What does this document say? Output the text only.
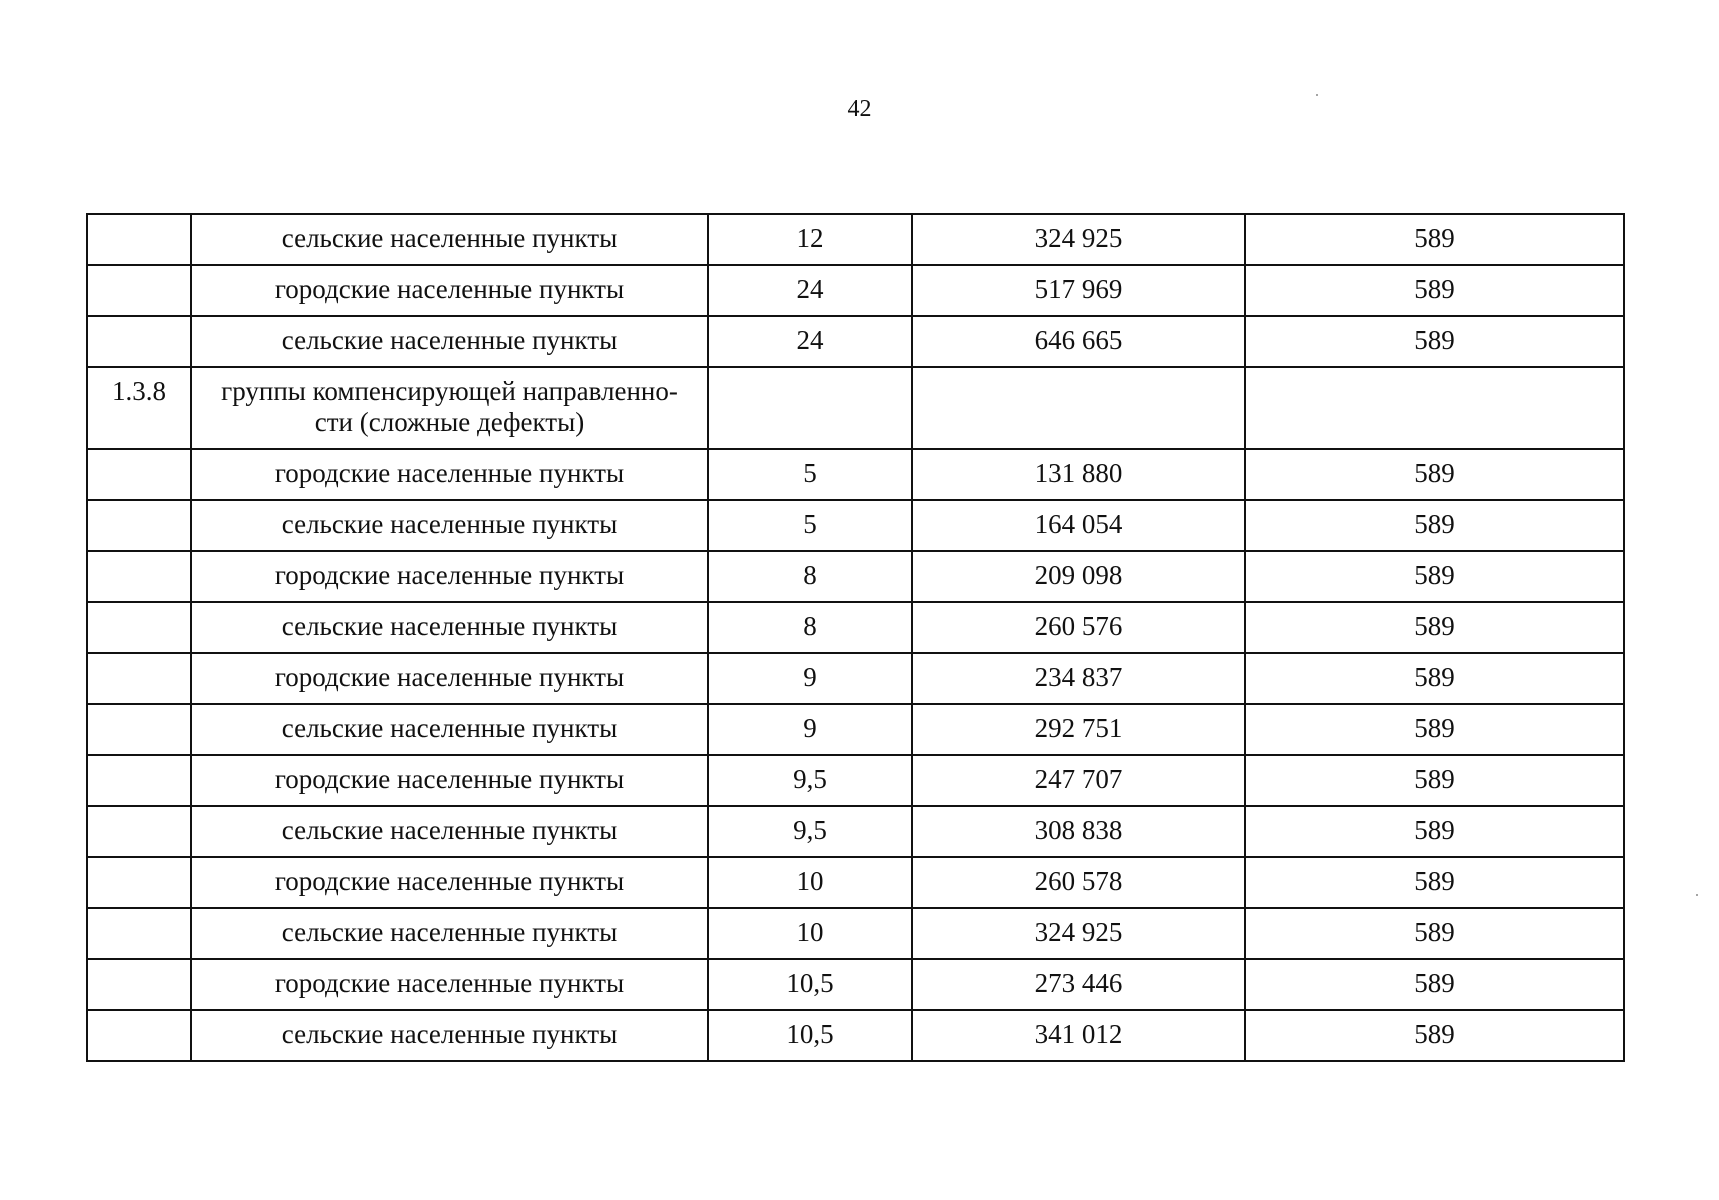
42
	сельские населенные пункты	12	324 925	589
	городские населенные пункты	24	517 969	589
	сельские населенные пункты	24	646 665	589
1.3.8	группы компенсирующей направленно-
сти (сложные дефекты)			

	городские населенные пункты	5	131 880	589
	сельские населенные пункты	5	164 054	589
	городские населенные пункты	8	209 098	589
	сельские населенные пункты	8	260 576	589
	городские населенные пункты	9	234 837	589
	сельские населенные пункты	9	292 751	589
	городские населенные пункты	9,5	247 707	589
	сельские населенные пункты	9,5	308 838	589
	городские населенные пункты	10	260 578	589
	сельские населенные пункты	10	324 925	589
	городские населенные пункты	10,5	273 446	589
	сельские населенные пункты	10,5	341 012	589
